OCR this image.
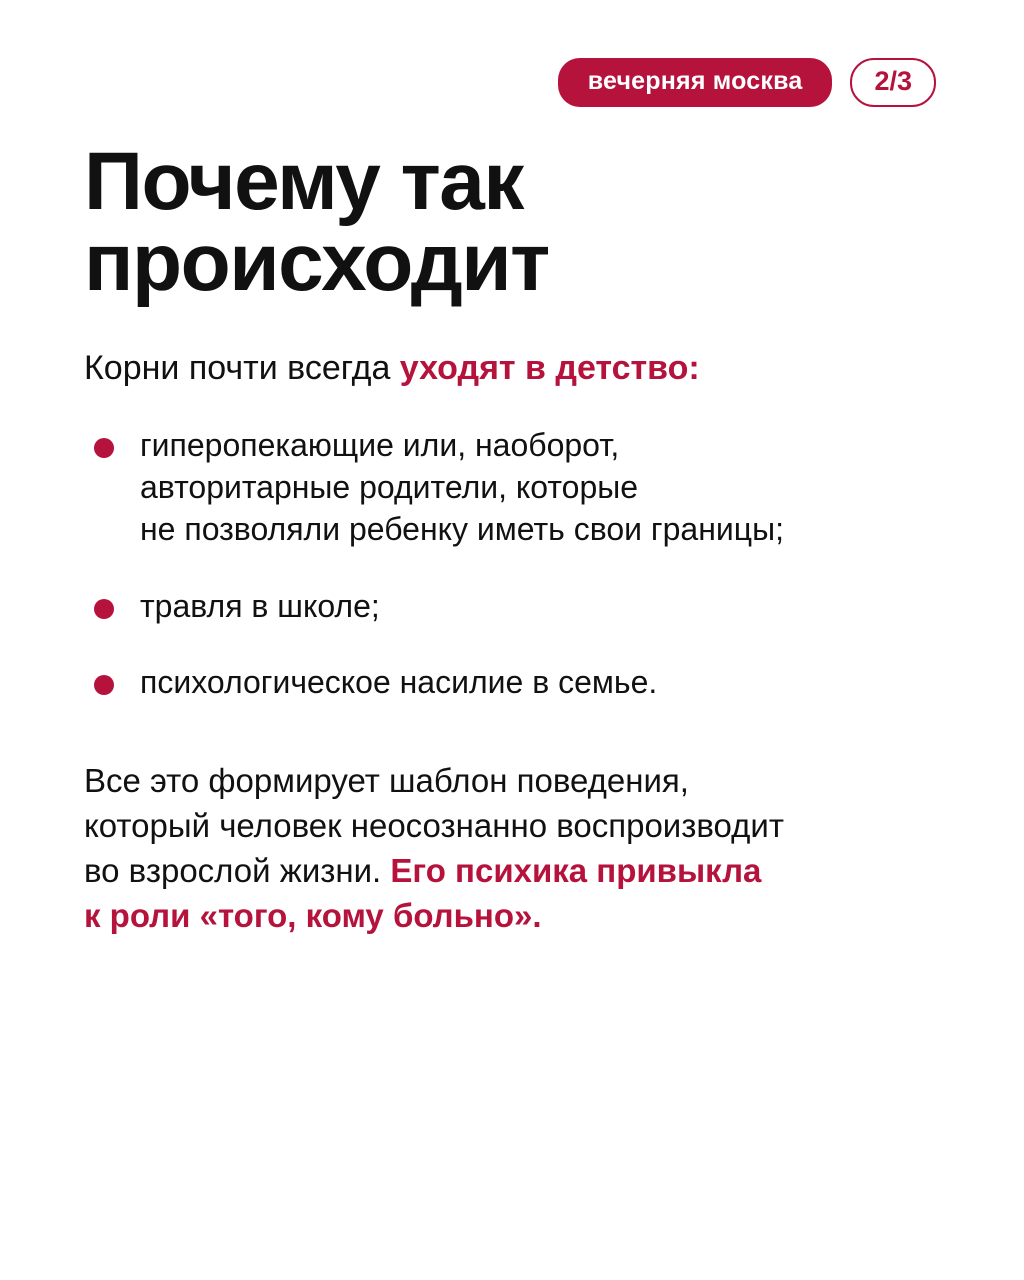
вечерняя москва	2/3
Почему так
происходит

Корни почти всегда уходят в детство:

гиперопекающие или, наоборот,
авторитарные родители, которые
не позволяли ребенку иметь свои границы;
травля в школе;
психологическое насилие в семье.

Все это формирует шаблон поведения,
который человек неосознанно воспроизводит
во взрослой жизни. Его психика привыкла
к роли «того, кому больно».
